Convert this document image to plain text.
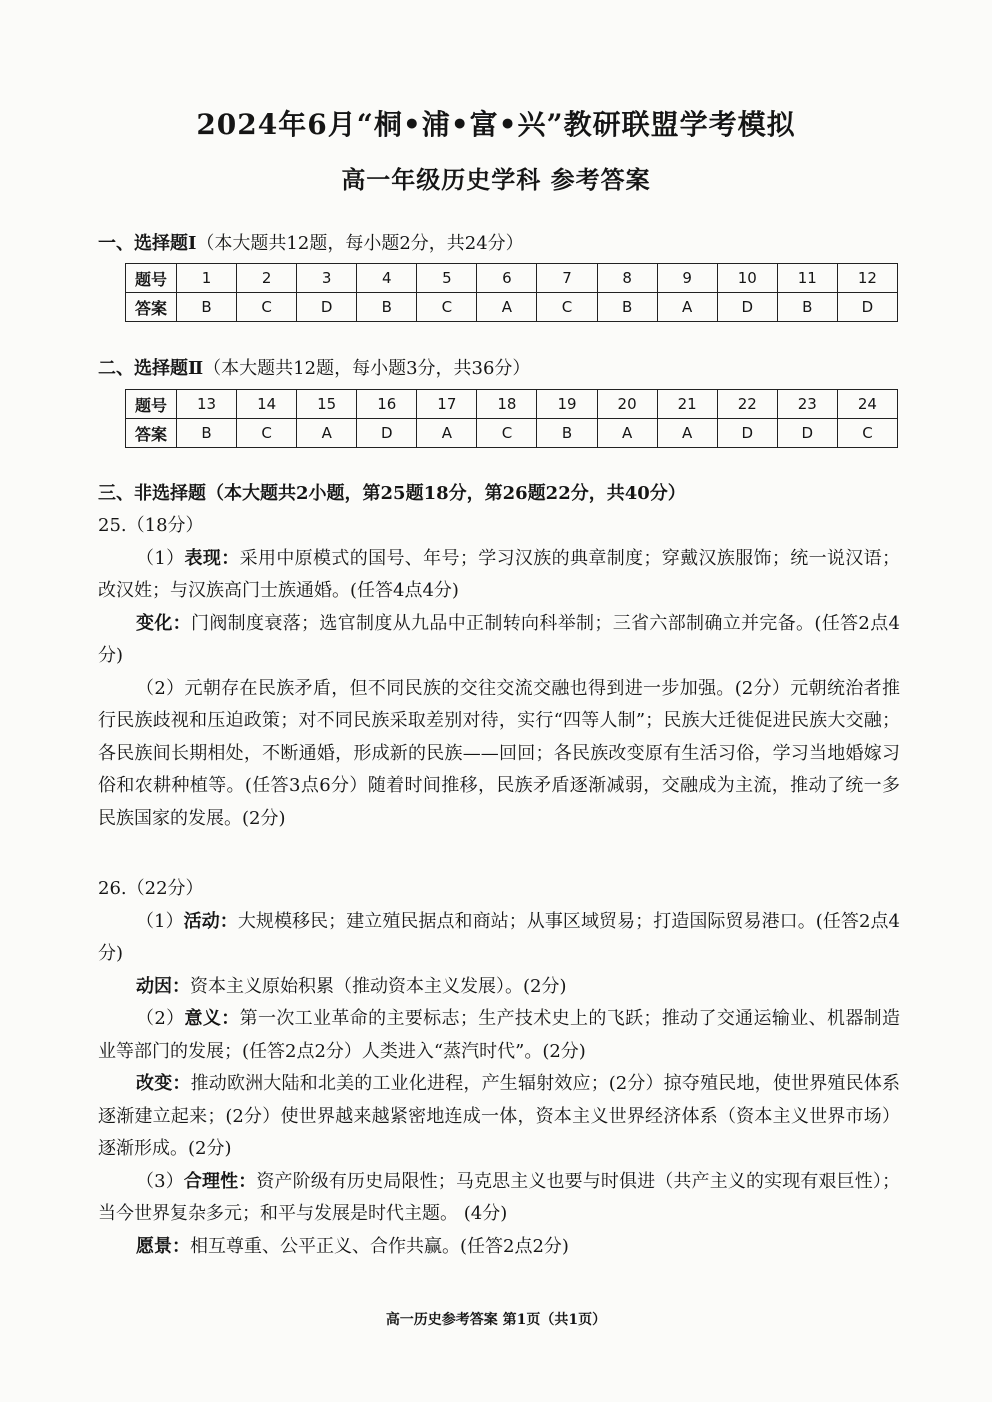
2024年6月“桐•浦•富•兴”教研联盟学考模拟
高一年级历史学科 参考答案
一、选择题Ⅰ（本大题共12题，每小题2分，共24分）
题号	1	2	3	4	5	6	7	8	9	10	11	12
答案	B	C	D	B	C	A	C	B	A	D	B	D
二、选择题Ⅱ（本大题共12题，每小题3分，共36分）
题号	13	14	15	16	17	18	19	20	21	22	23	24
答案	B	C	A	D	A	C	B	A	A	D	D	C
三、非选择题（本大题共2小题，第25题18分，第26题22分，共40分）
25.（18分）
（1）表现：采用中原模式的国号、年号；学习汉族的典章制度；穿戴汉族服饰；统一说汉语；改汉姓；与汉族高门士族通婚。(任答4点4分)
变化：门阀制度衰落；选官制度从九品中正制转向科举制；三省六部制确立并完备。(任答2点4分)
（2）元朝存在民族矛盾，但不同民族的交往交流交融也得到进一步加强。(2分）元朝统治者推行民族歧视和压迫政策；对不同民族采取差别对待，实行“四等人制”；民族大迁徙促进民族大交融；各民族间长期相处，不断通婚，形成新的民族——回回；各民族改变原有生活习俗，学习当地婚嫁习俗和农耕种植等。(任答3点6分）随着时间推移，民族矛盾逐渐减弱，交融成为主流，推动了统一多民族国家的发展。(2分)
26.（22分）
（1）活动：大规模移民；建立殖民据点和商站；从事区域贸易；打造国际贸易港口。(任答2点4分)
动因：资本主义原始积累（推动资本主义发展）。(2分)
（2）意义：第一次工业革命的主要标志；生产技术史上的飞跃；推动了交通运输业、机器制造业等部门的发展；(任答2点2分）人类进入“蒸汽时代”。(2分)
改变：推动欧洲大陆和北美的工业化进程，产生辐射效应；(2分）掠夺殖民地，使世界殖民体系逐渐建立起来；(2分）使世界越来越紧密地连成一体，资本主义世界经济体系（资本主义世界市场）逐渐形成。(2分)
（3）合理性：资产阶级有历史局限性；马克思主义也要与时俱进（共产主义的实现有艰巨性）；当今世界复杂多元；和平与发展是时代主题。 (4分)
愿景：相互尊重、公平正义、合作共赢。(任答2点2分)
高一历史参考答案 第1页（共1页）
